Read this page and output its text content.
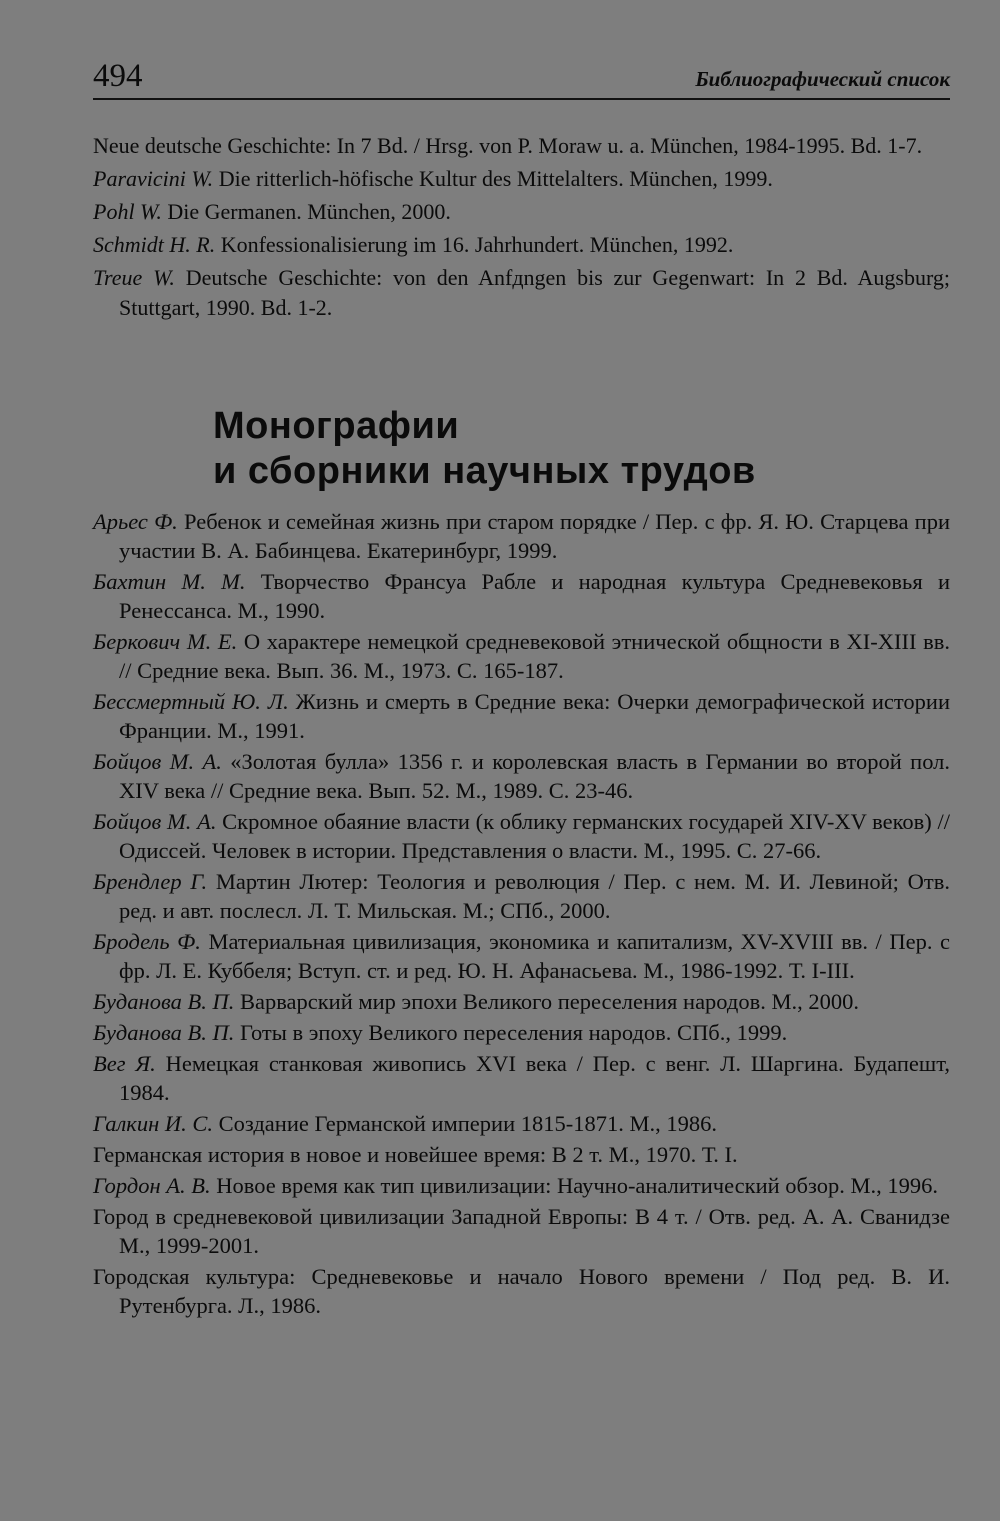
494	Библиографический список
Neue deutsche Geschichte: In 7 Bd. / Hrsg. von P. Moraw u. a. München, 1984-1995. Bd. 1-7.
Paravicini W. Die ritterlich-höfische Kultur des Mittelalters. München, 1999.
Pohl W. Die Germanen. München, 2000.
Schmidt H. R. Konfessionalisierung im 16. Jahrhundert. München, 1992.
Treue W. Deutsche Geschichte: von den Anfдngen bis zur Gegenwart: In 2 Bd. Augsburg; Stuttgart, 1990. Bd. 1-2.
Монографии
и сборники научных трудов
Арьес Ф. Ребенок и семейная жизнь при старом порядке / Пер. с фр. Я. Ю. Старцева при участии В. А. Бабинцева. Екатеринбург, 1999.
Бахтин М. М. Творчество Франсуа Рабле и народная культура Средневековья и Ренессанса. М., 1990.
Беркович М. Е. О характере немецкой средневековой этнической общности в XI-XIII вв. // Средние века. Вып. 36. М., 1973. С. 165-187.
Бессмертный Ю. Л. Жизнь и смерть в Средние века: Очерки демографической истории Франции. М., 1991.
Бойцов М. А. «Золотая булла» 1356 г. и королевская власть в Германии во второй пол. XIV века // Средние века. Вып. 52. М., 1989. С. 23-46.
Бойцов М. А. Скромное обаяние власти (к облику германских государей XIV-XV веков) // Одиссей. Человек в истории. Представления о власти. М., 1995. С. 27-66.
Брендлер Г. Мартин Лютер: Теология и революция / Пер. с нем. М. И. Левиной; Отв. ред. и авт. послесл. Л. Т. Мильская. М.; СПб., 2000.
Бродель Ф. Материальная цивилизация, экономика и капитализм, XV-XVIII вв. / Пер. с фр. Л. Е. Куббеля; Вступ. ст. и ред. Ю. Н. Афанасьева. М., 1986-1992. Т. I-III.
Буданова В. П. Варварский мир эпохи Великого переселения народов. М., 2000.
Буданова В. П. Готы в эпоху Великого переселения народов. СПб., 1999.
Вег Я. Немецкая станковая живопись XVI века / Пер. с венг. Л. Шаргина. Будапешт, 1984.
Галкин И. С. Создание Германской империи 1815-1871. М., 1986.
Германская история в новое и новейшее время: В 2 т. М., 1970. Т. I.
Гордон А. В. Новое время как тип цивилизации: Научно-аналитический обзор. М., 1996.
Город в средневековой цивилизации Западной Европы: В 4 т. / Отв. ред. А. А. Сванидзе М., 1999-2001.
Городская культура: Средневековье и начало Нового времени / Под ред. В. И. Рутенбурга. Л., 1986.
